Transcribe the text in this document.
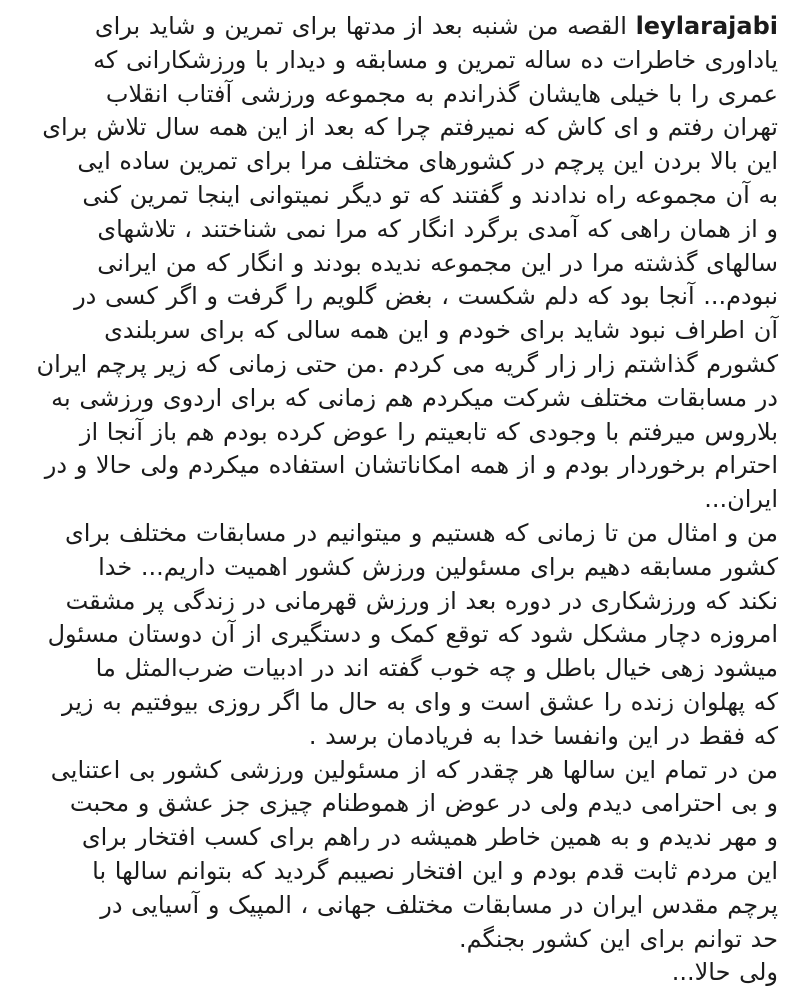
leylarajabi القصه من شنبه بعد از مدتها برای تمرین و شاید برای

یاداوری خاطرات ده ساله تمرین و مسابقه و دیدار با ورزشکارانی که

عمری را با خیلی هایشان گذراندم به مجموعه ورزشی آفتاب انقلاب

تهران رفتم و ای کاش که نمیرفتم چرا که بعد از این همه سال تلاش برای

این بالا بردن این پرچم در کشورهای مختلف مرا برای تمرین ساده ایی

به آن مجموعه راه ندادند و گفتند که تو دیگر نمیتوانی اینجا تمرین کنی

و از همان راهی که آمدی برگرد انگار که مرا نمی شناختند ، تلاشهای

سالهای گذشته مرا در این مجموعه ندیده بودند و انگار که من ایرانی

نبودم... آنجا بود که دلم شکست ، بغض گلویم را گرفت و اگر کسی در

آن اطراف نبود شاید برای خودم و این همه سالی که برای سربلندی

کشورم گذاشتم زار زار گریه می کردم .من حتی زمانی که زیر پرچم ایران

در مسابقات مختلف شرکت میکردم هم زمانی که برای اردوی ورزشی به

بلاروس میرفتم با وجودی که تابعیتم را عوض کرده بودم هم باز آنجا از

احترام برخوردار بودم و از همه امکاناتشان استفاده میکردم ولی حالا و در

ایران...

من و امثال من تا زمانی که هستیم و میتوانیم در مسابقات مختلف برای

کشور مسابقه دهیم برای مسئولین ورزش کشور اهمیت داریم... خدا

نکند که ورزشکاری در دوره بعد از ورزش قهرمانی در زندگی پر مشقت

امروزه دچار مشکل شود که توقع کمک و دستگیری از آن دوستان مسئول

میشود زهی خیال باطل و چه خوب گفته اند در ادبیات ضرب‌المثل ما

که پهلوان زنده را عشق است و وای به حال ما اگر روزی بیوفتیم به زیر

که فقط در این وانفسا خدا به فریادمان برسد .

من در تمام این سالها هر چقدر که از مسئولین ورزشی کشور بی اعتنایی

و بی احترامی دیدم ولی در عوض از هموطنام چیزی جز عشق و محبت

و مهر ندیدم و به همین خاطر همیشه در راهم برای کسب افتخار برای

این مردم ثابت قدم بودم و این افتخار نصیبم گردید که بتوانم سالها با

پرچم مقدس ایران در مسابقات مختلف جهانی ، المپیک و آسیایی در

حد توانم برای این کشور بجنگم.

ولی حالا...
